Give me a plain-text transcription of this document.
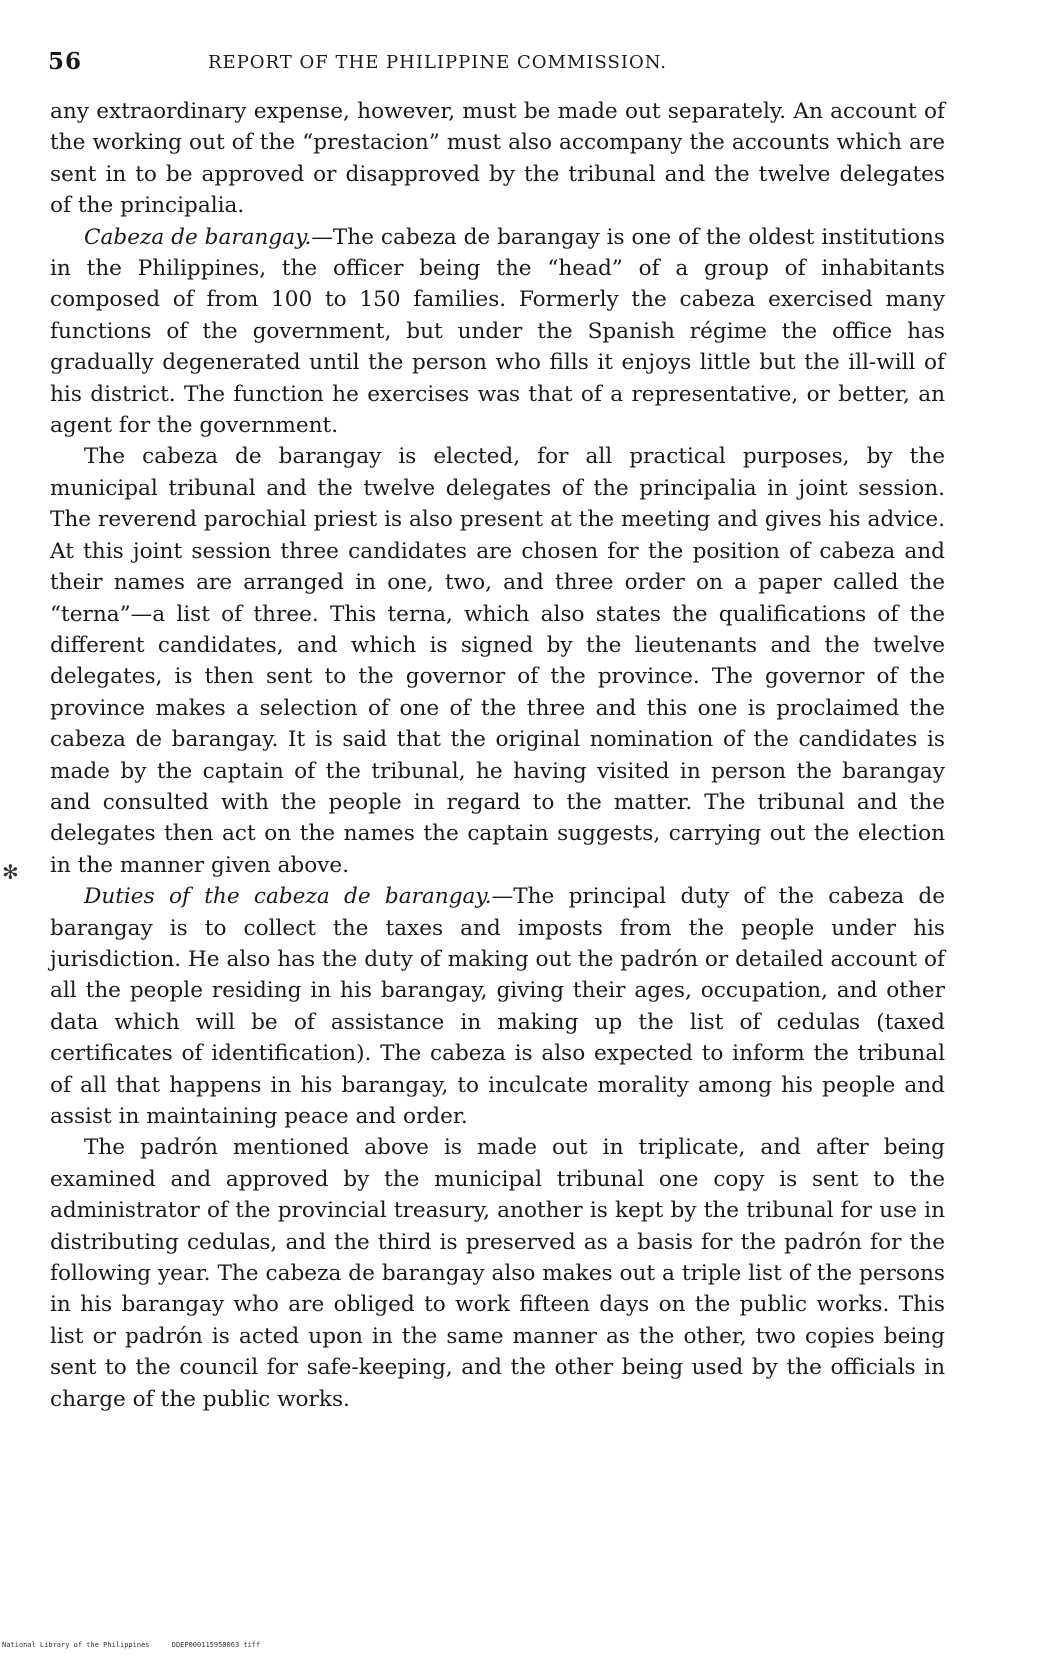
56	REPORT OF THE PHILIPPINE COMMISSION.

any extraordinary expense, however, must be made out separately. An account of the working out of the “prestacion” must also accompany the accounts which are sent in to be approved or disapproved by the tribunal and the twelve delegates of the principalia.

Cabeza de barangay.—The cabeza de barangay is one of the oldest institutions in the Philippines, the officer being the “head” of a group of inhabitants composed of from 100 to 150 families. Formerly the cabeza exercised many functions of the government, but under the Spanish régime the office has gradually degenerated until the person who fills it enjoys little but the ill-will of his district. The function he exercises was that of a representative, or better, an agent for the government.

The cabeza de barangay is elected, for all practical purposes, by the municipal tribunal and the twelve delegates of the principalia in joint session. The reverend parochial priest is also present at the meeting and gives his advice. At this joint session three candidates are chosen for the position of cabeza and their names are arranged in one, two, and three order on a paper called the “terna”—a list of three. This terna, which also states the qualifications of the different candidates, and which is signed by the lieutenants and the twelve delegates, is then sent to the governor of the province. The governor of the province makes a selection of one of the three and this one is proclaimed the cabeza de barangay. It is said that the original nomination of the candidates is made by the captain of the tribunal, he having visited in person the barangay and consulted with the people in regard to the matter. The tribunal and the delegates then act on the names the captain suggests, carrying out the election in the manner given above.

Duties of the cabeza de barangay.—The principal duty of the cabeza de barangay is to collect the taxes and imposts from the people under his jurisdiction. He also has the duty of making out the padrón or detailed account of all the people residing in his barangay, giving their ages, occupation, and other data which will be of assistance in making up the list of cedulas (taxed certificates of identification). The cabeza is also expected to inform the tribunal of all that happens in his barangay, to inculcate morality among his people and assist in maintaining peace and order.

The padrón mentioned above is made out in triplicate, and after being examined and approved by the municipal tribunal one copy is sent to the administrator of the provincial treasury, another is kept by the tribunal for use in distributing cedulas, and the third is preserved as a basis for the padrón for the following year. The cabeza de barangay also makes out a triple list of the persons in his barangay who are obliged to work fifteen days on the public works. This list or padrón is acted upon in the same manner as the other, two copies being sent to the council for safe-keeping, and the other being used by the officials in charge of the public works.

✻
National Library of the Philippines	DDEP000115950063 tiff
